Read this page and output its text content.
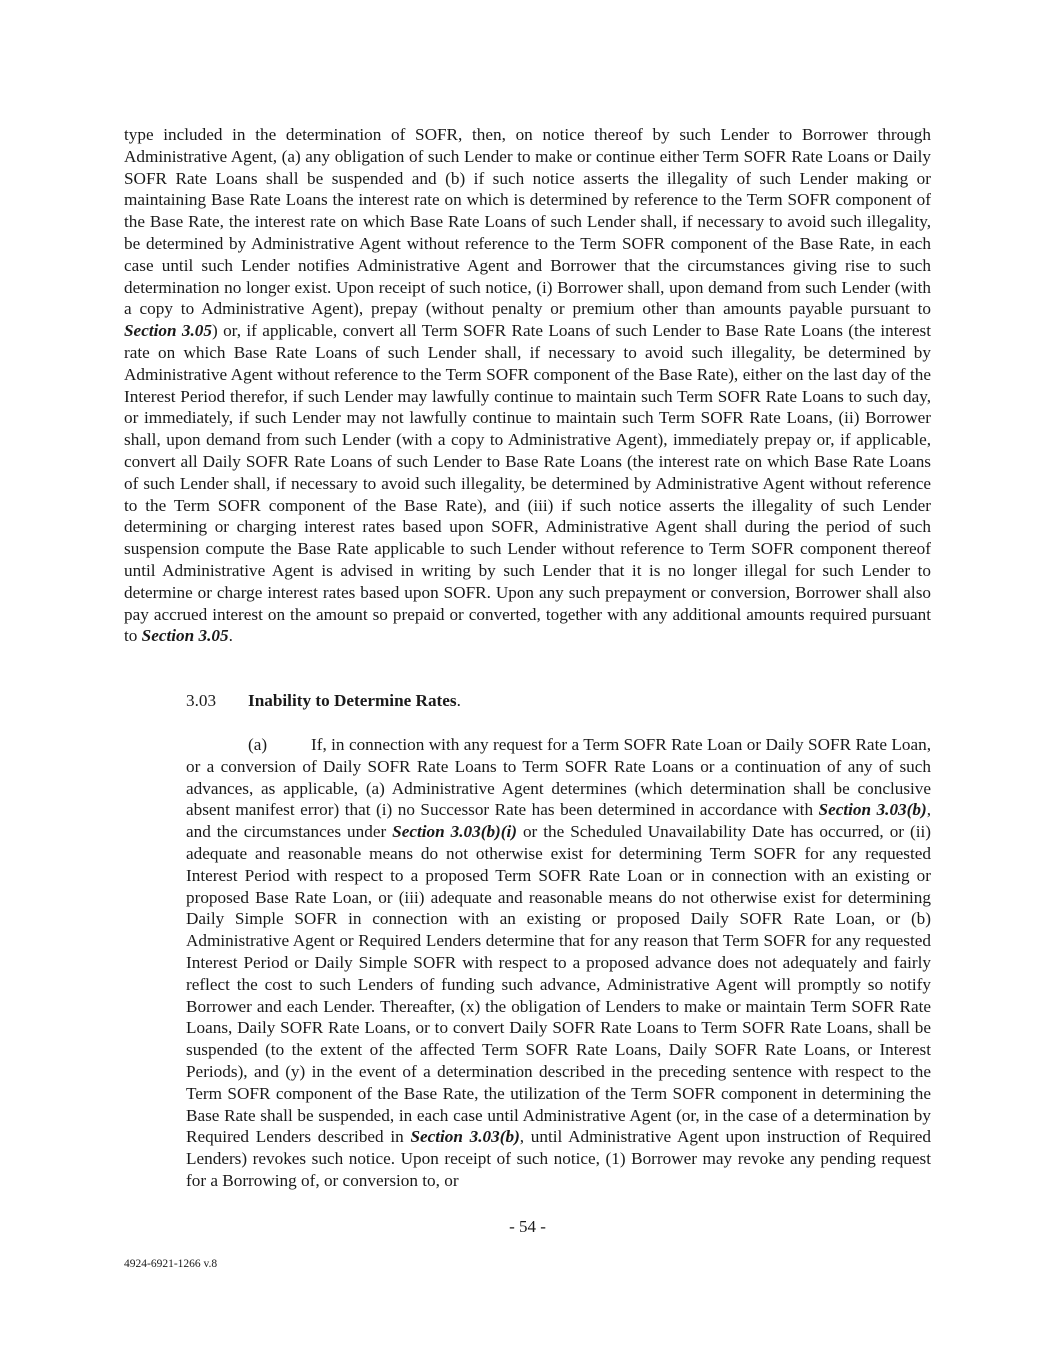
type included in the determination of SOFR, then, on notice thereof by such Lender to Borrower through Administrative Agent, (a) any obligation of such Lender to make or continue either Term SOFR Rate Loans or Daily SOFR Rate Loans shall be suspended and (b) if such notice asserts the illegality of such Lender making or maintaining Base Rate Loans the interest rate on which is determined by reference to the Term SOFR component of the Base Rate, the interest rate on which Base Rate Loans of such Lender shall, if necessary to avoid such illegality, be determined by Administrative Agent without reference to the Term SOFR component of the Base Rate, in each case until such Lender notifies Administrative Agent and Borrower that the circumstances giving rise to such determination no longer exist. Upon receipt of such notice, (i) Borrower shall, upon demand from such Lender (with a copy to Administrative Agent), prepay (without penalty or premium other than amounts payable pursuant to Section 3.05) or, if applicable, convert all Term SOFR Rate Loans of such Lender to Base Rate Loans (the interest rate on which Base Rate Loans of such Lender shall, if necessary to avoid such illegality, be determined by Administrative Agent without reference to the Term SOFR component of the Base Rate), either on the last day of the Interest Period therefor, if such Lender may lawfully continue to maintain such Term SOFR Rate Loans to such day, or immediately, if such Lender may not lawfully continue to maintain such Term SOFR Rate Loans, (ii) Borrower shall, upon demand from such Lender (with a copy to Administrative Agent), immediately prepay or, if applicable, convert all Daily SOFR Rate Loans of such Lender to Base Rate Loans (the interest rate on which Base Rate Loans of such Lender shall, if necessary to avoid such illegality, be determined by Administrative Agent without reference to the Term SOFR component of the Base Rate), and (iii) if such notice asserts the illegality of such Lender determining or charging interest rates based upon SOFR, Administrative Agent shall during the period of such suspension compute the Base Rate applicable to such Lender without reference to Term SOFR component thereof until Administrative Agent is advised in writing by such Lender that it is no longer illegal for such Lender to determine or charge interest rates based upon SOFR. Upon any such prepayment or conversion, Borrower shall also pay accrued interest on the amount so prepaid or converted, together with any additional amounts required pursuant to Section 3.05.

3.03 Inability to Determine Rates.

(a)	If, in connection with any request for a Term SOFR Rate Loan or Daily SOFR Rate Loan, or a conversion of Daily SOFR Rate Loans to Term SOFR Rate Loans or a continuation of any of such advances, as applicable, (a) Administrative Agent determines (which determination shall be conclusive absent manifest error) that (i) no Successor Rate has been determined in accordance with Section 3.03(b), and the circumstances under Section 3.03(b)(i) or the Scheduled Unavailability Date has occurred, or (ii) adequate and reasonable means do not otherwise exist for determining Term SOFR for any requested Interest Period with respect to a proposed Term SOFR Rate Loan or in connection with an existing or proposed Base Rate Loan, or (iii) adequate and reasonable means do not otherwise exist for determining Daily Simple SOFR in connection with an existing or proposed Daily SOFR Rate Loan, or (b) Administrative Agent or Required Lenders determine that for any reason that Term SOFR for any requested Interest Period or Daily Simple SOFR with respect to a proposed advance does not adequately and fairly reflect the cost to such Lenders of funding such advance, Administrative Agent will promptly so notify Borrower and each Lender. Thereafter, (x) the obligation of Lenders to make or maintain Term SOFR Rate Loans, Daily SOFR Rate Loans, or to convert Daily SOFR Rate Loans to Term SOFR Rate Loans, shall be suspended (to the extent of the affected Term SOFR Rate Loans, Daily SOFR Rate Loans, or Interest Periods), and (y) in the event of a determination described in the preceding sentence with respect to the Term SOFR component of the Base Rate, the utilization of the Term SOFR component in determining the Base Rate shall be suspended, in each case until Administrative Agent (or, in the case of a determination by Required Lenders described in Section 3.03(b), until Administrative Agent upon instruction of Required Lenders) revokes such notice. Upon receipt of such notice, (1) Borrower may revoke any pending request for a Borrowing of, or conversion to, or

- 54 -

4924-6921-1266 v.8
